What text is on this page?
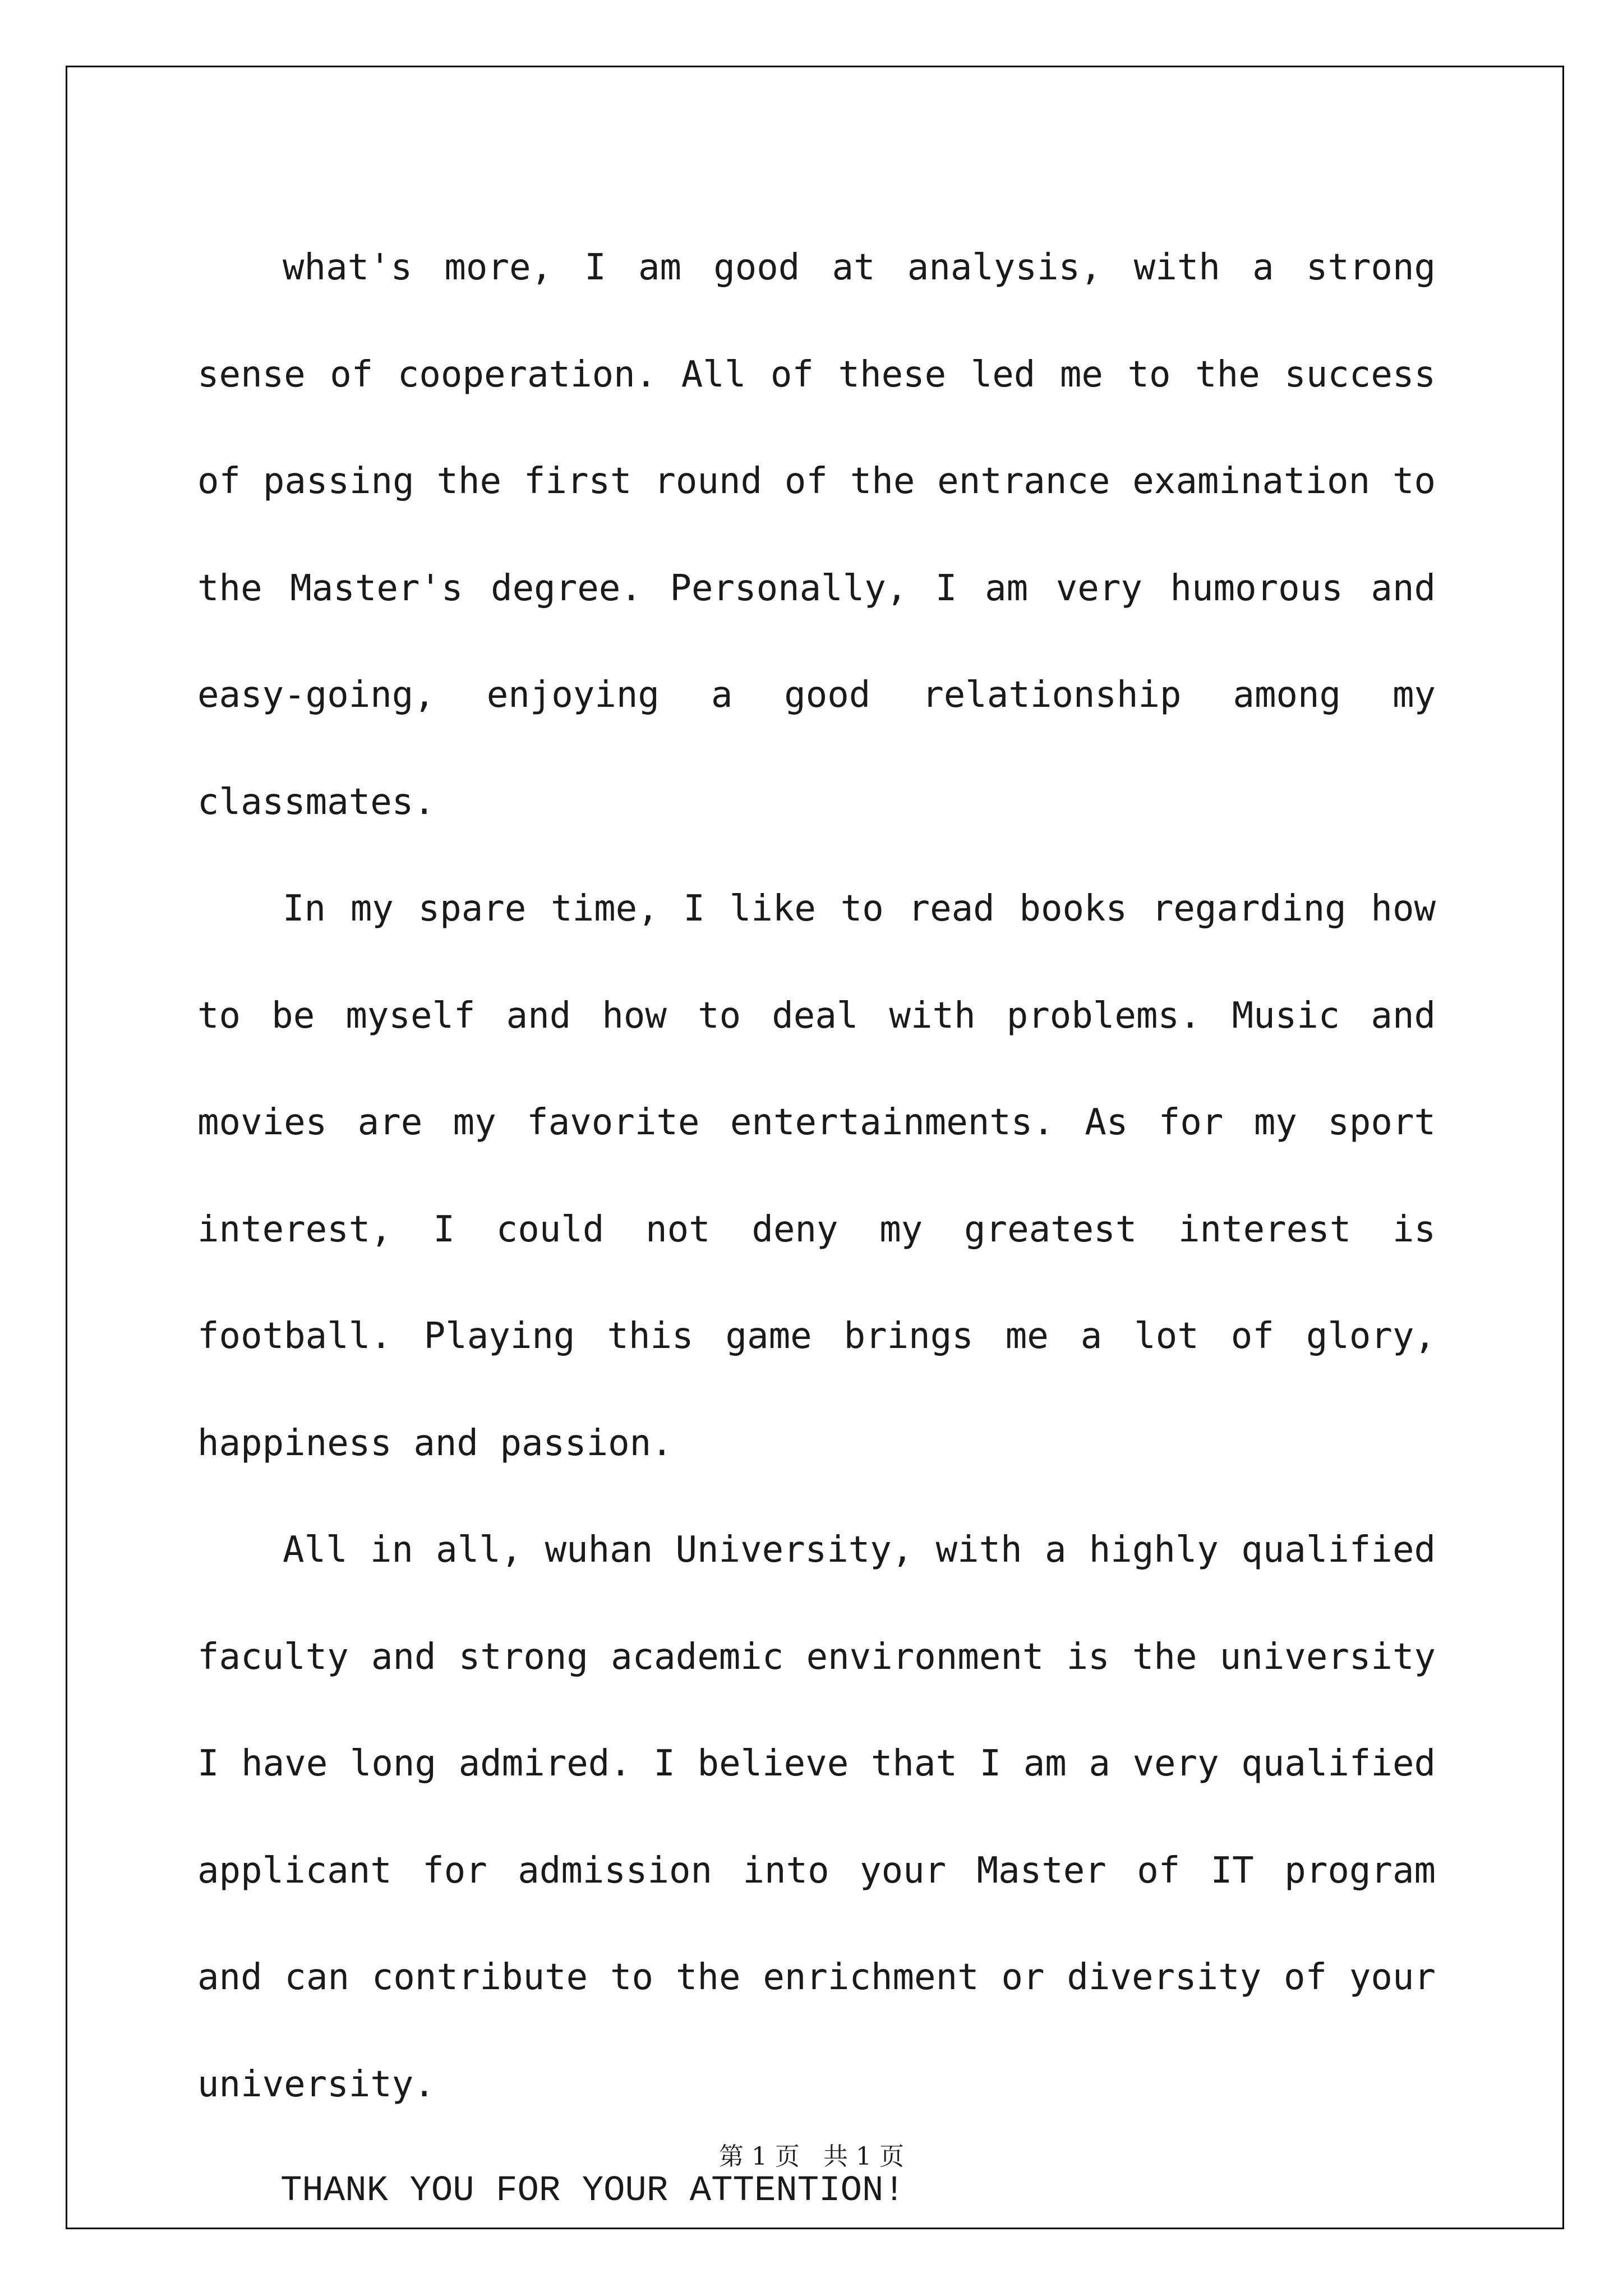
what's more, I am good at analysis, with a strong sense of cooperation. All of these led me to the success of passing the first round of the entrance examination to the Master's degree. Personally, I am very humorous and easy-going, enjoying a good relationship among my classmates.

In my spare time, I like to read books regarding how to be myself and how to deal with problems. Music and movies are my favorite entertainments. As for my sport interest, I could not deny my greatest interest is football. Playing this game brings me a lot of glory, happiness and passion.

All in all, wuhan University, with a highly qualified faculty and strong academic environment is the university I have long admired. I believe that I am a very qualified applicant for admission into your Master of IT program and can contribute to the enrichment or diversity of your university.

THANK YOU FOR YOUR ATTENTION!

第 1 页   共 1 页
